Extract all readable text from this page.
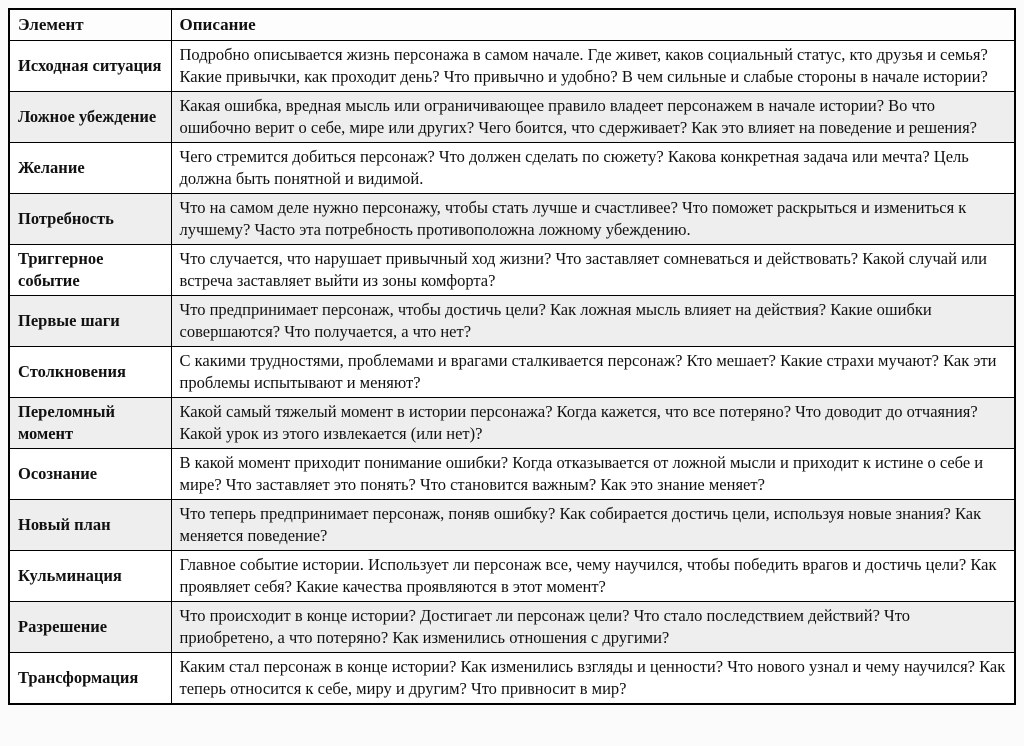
Элемент	Описание
Исходная ситуация	Подробно описывается жизнь персонажа в самом начале. Где живет, каков социальный статус, кто друзья и семья? Какие привычки, как проходит день? Что привычно и удобно? В чем сильные и слабые стороны в начале истории?
Ложное убеждение	Какая ошибка, вредная мысль или ограничивающее правило владеет персонажем в начале истории? Во что ошибочно верит о себе, мире или других? Чего боится, что сдерживает? Как это влияет на поведение и решения?
Желание	Чего стремится добиться персонаж? Что должен сделать по сюжету? Какова конкретная задача или мечта? Цель должна быть понятной и видимой.
Потребность	Что на самом деле нужно персонажу, чтобы стать лучше и счастливее? Что поможет раскрыться и измениться к лучшему? Часто эта потребность противоположна ложному убеждению.
Триггерное событие	Что случается, что нарушает привычный ход жизни? Что заставляет сомневаться и действовать? Какой случай или встреча заставляет выйти из зоны комфорта?
Первые шаги	Что предпринимает персонаж, чтобы достичь цели? Как ложная мысль влияет на действия? Какие ошибки совершаются? Что получается, а что нет?
Столкновения	С какими трудностями, проблемами и врагами сталкивается персонаж? Кто мешает? Какие страхи мучают? Как эти проблемы испытывают и меняют?
Переломный момент	Какой самый тяжелый момент в истории персонажа? Когда кажется, что все потеряно? Что доводит до отчаяния? Какой урок из этого извлекается (или нет)?
Осознание	В какой момент приходит понимание ошибки? Когда отказывается от ложной мысли и приходит к истине о себе и мире? Что заставляет это понять? Что становится важным? Как это знание меняет?
Новый план	Что теперь предпринимает персонаж, поняв ошибку? Как собирается достичь цели, используя новые знания? Как меняется поведение?
Кульминация	Главное событие истории. Использует ли персонаж все, чему научился, чтобы победить врагов и достичь цели? Как проявляет себя? Какие качества проявляются в этот момент?
Разрешение	Что происходит в конце истории? Достигает ли персонаж цели? Что стало последствием действий? Что приобретено, а что потеряно? Как изменились отношения с другими?
Трансформация	Каким стал персонаж в конце истории? Как изменились взгляды и ценности? Что нового узнал и чему научился? Как теперь относится к себе, миру и другим? Что привносит в мир?
